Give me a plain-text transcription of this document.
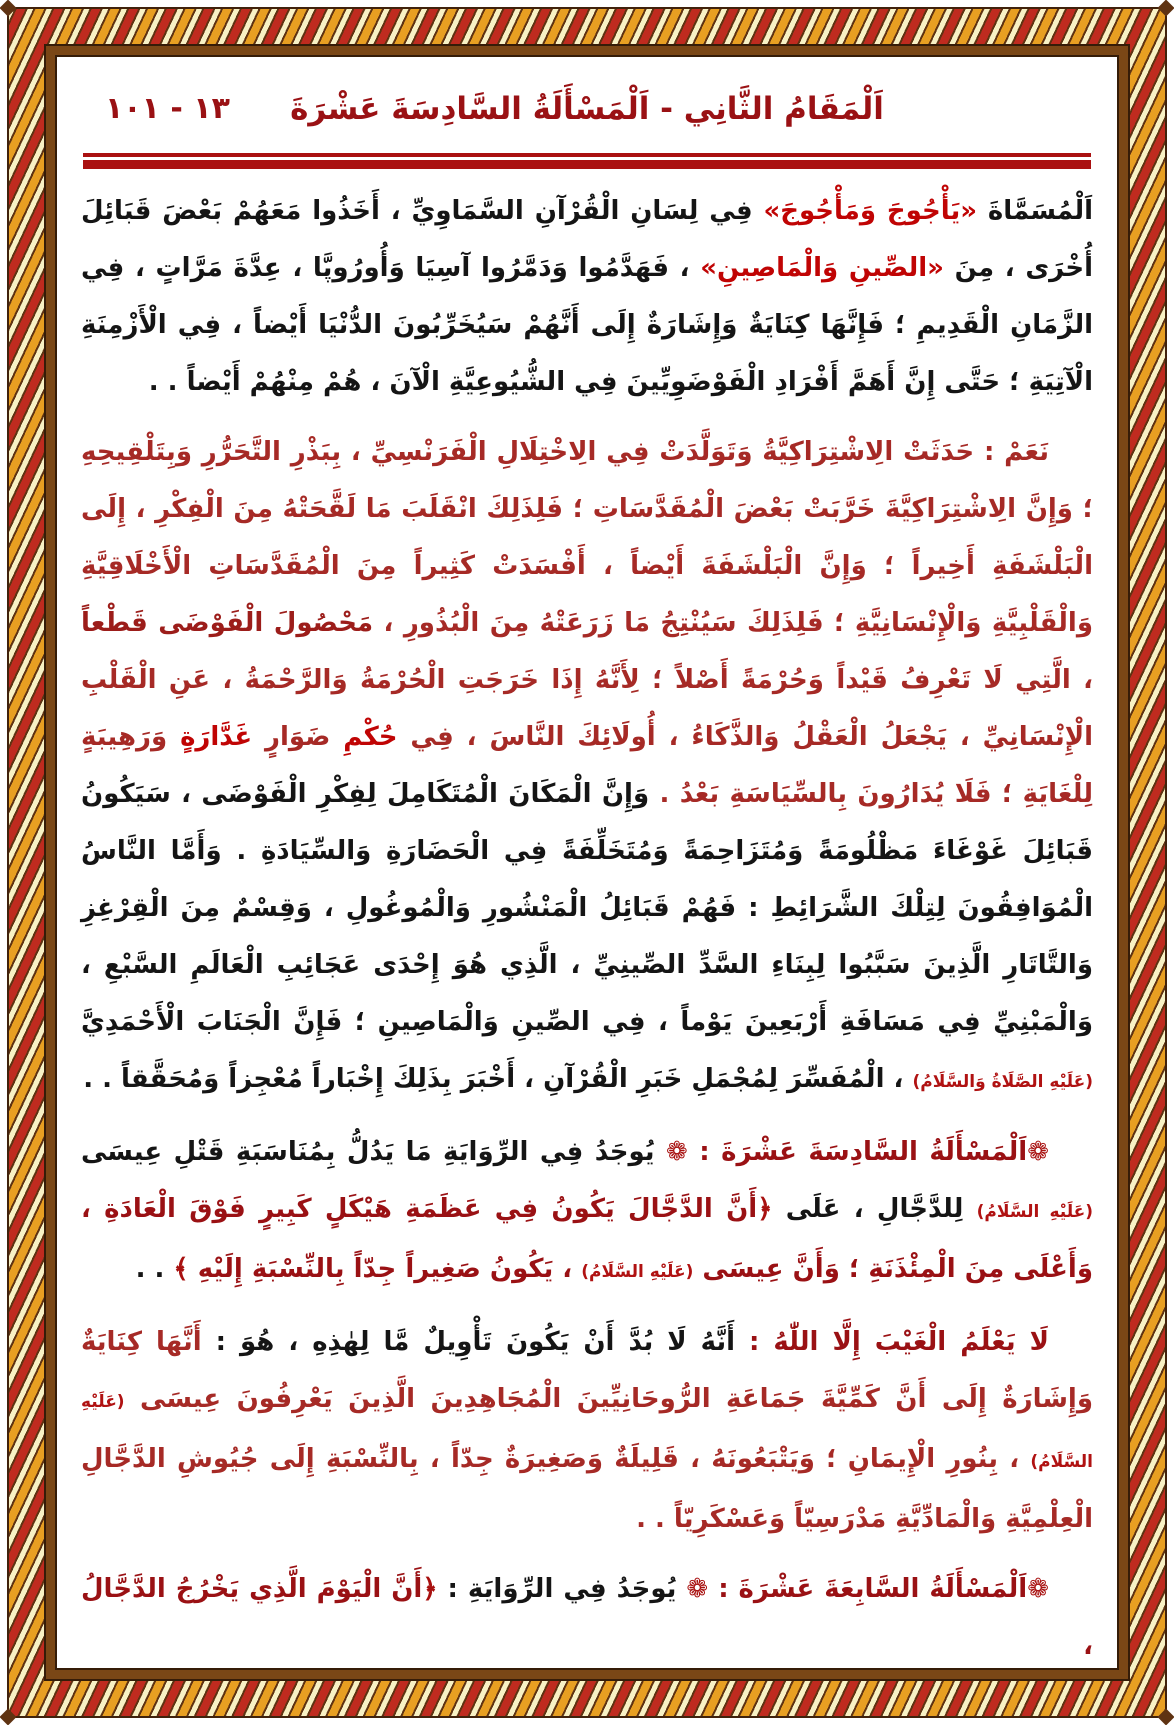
١٣ - ١٠١	اَلْمَقَامُ الثَّانِي - اَلْمَسْأَلَةُ السَّادِسَةَ عَشْرَةَ

اَلْمُسَمَّاةَ «يَأْجُوجَ وَمَأْجُوجَ» فِي لِسَانِ الْقُرْآنِ السَّمَاوِيِّ ، أَخَذُوا مَعَهُمْ بَعْضَ قَبَائِلَ أُخْرَى ، مِنَ «الصِّينِ وَالْمَاصِينِ» ، فَهَدَّمُوا وَدَمَّرُوا آسِيَا وَأُورُوپَّا ، عِدَّةَ مَرَّاتٍ ، فِي الزَّمَانِ الْقَدِيمِ ؛ فَإِنَّهَا كِنَايَةٌ وَإِشَارَةٌ إِلَى أَنَّهُمْ سَيُخَرِّبُونَ الدُّنْيَا أَيْضاً ، فِي الْأَزْمِنَةِ الْآتِيَةِ ؛ حَتَّى إِنَّ أَهَمَّ أَفْرَادِ الْفَوْضَوِيِّينَ فِي الشُّيُوعِيَّةِ الْآنَ ، هُمْ مِنْهُمْ أَيْضاً . .

نَعَمْ : حَدَثَتْ الِاشْتِرَاكِيَّةُ وَتَوَلَّدَتْ فِي الِاخْتِلَالِ الْفَرَنْسِيِّ ، بِبَذْرِ التَّحَرُّرِ وَبِتَلْقِيحِهِ ؛ وَإِنَّ الِاشْتِرَاكِيَّةَ خَرَّبَتْ بَعْضَ الْمُقَدَّسَاتِ ؛ فَلِذَلِكَ انْقَلَبَ مَا لَقَّحَتْهُ مِنَ الْفِكْرِ ، إِلَى الْبَلْشَفَةِ أَخِيراً ؛ وَإِنَّ الْبَلْشَفَةَ أَيْضاً ، أَفْسَدَتْ كَثِيراً مِنَ الْمُقَدَّسَاتِ الْأَخْلَاقِيَّةِ وَالْقَلْبِيَّةِ وَالْإِنْسَانِيَّةِ ؛ فَلِذَلِكَ سَيُنْتِجُ مَا زَرَعَتْهُ مِنَ الْبُذُورِ ، مَحْصُولَ الْفَوْضَى قَطْعاً ، الَّتِي لَا تَعْرِفُ قَيْداً وَحُرْمَةً أَصْلاً ؛ لِأَنَّهُ إِذَا خَرَجَتِ الْحُرْمَةُ وَالرَّحْمَةُ ، عَنِ الْقَلْبِ الْإِنْسَانِيِّ ، يَجْعَلُ الْعَقْلُ وَالذَّكَاءُ ، أُولَائِكَ النَّاسَ ، فِي حُكْمِ ضَوَارٍ غَدَّارَةٍ وَرَهِيبَةٍ لِلْغَايَةِ ؛ فَلَا يُدَارُونَ بِالسِّيَاسَةِ بَعْدُ . وَإِنَّ الْمَكَانَ الْمُتَكَامِلَ لِفِكْرِ الْفَوْضَى ، سَيَكُونُ قَبَائِلَ غَوْغَاءَ مَظْلُومَةً وَمُتَزَاحِمَةً وَمُتَخَلِّفَةً فِي الْحَضَارَةِ وَالسِّيَادَةِ . وَأَمَّا النَّاسُ الْمُوَافِقُونَ لِتِلْكَ الشَّرَائِطِ : فَهُمْ قَبَائِلُ الْمَنْشُورِ وَالْمُوغُولِ ، وَقِسْمٌ مِنَ الْقِرْغِزِ وَالتَّاتَارِ الَّذِينَ سَبَّبُوا لِبِنَاءِ السَّدِّ الصِّينِيِّ ، الَّذِي هُوَ إِحْدَى عَجَائِبِ الْعَالَمِ السَّبْعِ ، وَالْمَبْنِيِّ فِي مَسَافَةِ أَرْبَعِينَ يَوْماً ، فِي الصِّينِ وَالْمَاصِينِ ؛ فَإِنَّ الْجَنَابَ الْأَحْمَدِيَّ (عَلَيْهِ الصَّلَاةُ وَالسَّلَامُ) ، الْمُفَسِّرَ لِمُجْمَلِ خَبَرِ الْقُرْآنِ ، أَخْبَرَ بِذَلِكَ إِخْبَاراً مُعْجِزاً وَمُحَقَّقاً . .

❁اَلْمَسْأَلَةُ السَّادِسَةَ عَشْرَةَ : ❁ يُوجَدُ فِي الرِّوَايَةِ مَا يَدُلُّ بِمُنَاسَبَةِ قَتْلِ عِيسَى (عَلَيْهِ السَّلَامُ) لِلدَّجَّالِ ، عَلَى ﴿أَنَّ الدَّجَّالَ يَكُونُ فِي عَظَمَةِ هَيْكَلٍ كَبِيرٍ فَوْقَ الْعَادَةِ ، وَأَعْلَى مِنَ الْمِئْذَنَةِ ؛ وَأَنَّ عِيسَى (عَلَيْهِ السَّلَامُ) ، يَكُونُ صَغِيراً جِدّاً بِالنِّسْبَةِ إِلَيْهِ ﴾ . .

لَا يَعْلَمُ الْغَيْبَ إِلَّا اللّٰهُ : أَنَّهُ لَا بُدَّ أَنْ يَكُونَ تَأْوِيلٌ مَّا لِهٰذِهِ ، هُوَ : أَنَّهَا كِنَايَةٌ وَإِشَارَةٌ إِلَى أَنَّ كَمِّيَّةَ جَمَاعَةِ الرُّوحَانِيِّينَ الْمُجَاهِدِينَ الَّذِينَ يَعْرِفُونَ عِيسَى (عَلَيْهِ السَّلَامُ) ، بِنُورِ الْإِيمَانِ ؛ وَيَتْبَعُونَهُ ، قَلِيلَةٌ وَصَغِيرَةٌ جِدّاً ، بِالنِّسْبَةِ إِلَى جُيُوشِ الدَّجَّالِ الْعِلْمِيَّةِ وَالْمَادِّيَّةِ مَدْرَسِيّاً وَعَسْكَرِيّاً . .

❁اَلْمَسْأَلَةُ السَّابِعَةَ عَشْرَةَ : ❁ يُوجَدُ فِي الرِّوَايَةِ : ﴿أَنَّ الْيَوْمَ الَّذِي يَخْرُجُ الدَّجَّالُ ،
